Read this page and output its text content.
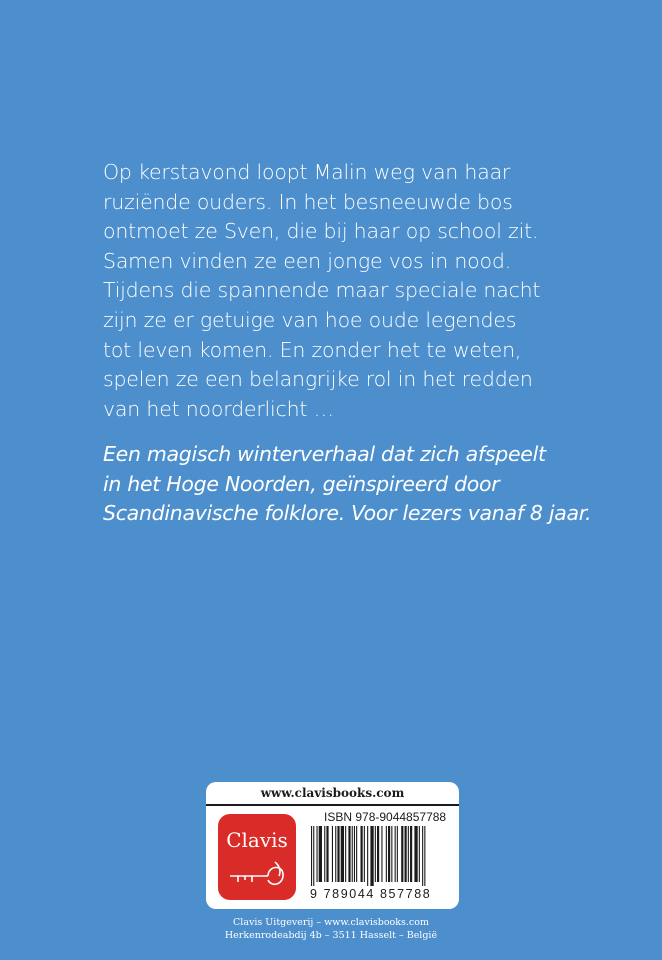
Op kerstavond loopt Malin weg van haar
ruziënde ouders. In het besneeuwde bos
ontmoet ze Sven, die bij haar op school zit.
Samen vinden ze een jonge vos in nood.
Tijdens die spannende maar speciale nacht
zijn ze er getuige van hoe oude legendes
tot leven komen. En zonder het te weten,
spelen ze een belangrijke rol in het redden
van het noorderlicht …
Een magisch winterverhaal dat zich afspeelt
in het Hoge Noorden, geïnspireerd door
Scandinavische folklore. Voor lezers vanaf 8 jaar.
www.clavisbooks.com
Clavis
ISBN 978-9044857788
9 789044 857788
Clavis Uitgeverij – www.clavisbooks.com
Herkenrodeabdij 4b – 3511 Hasselt – België
